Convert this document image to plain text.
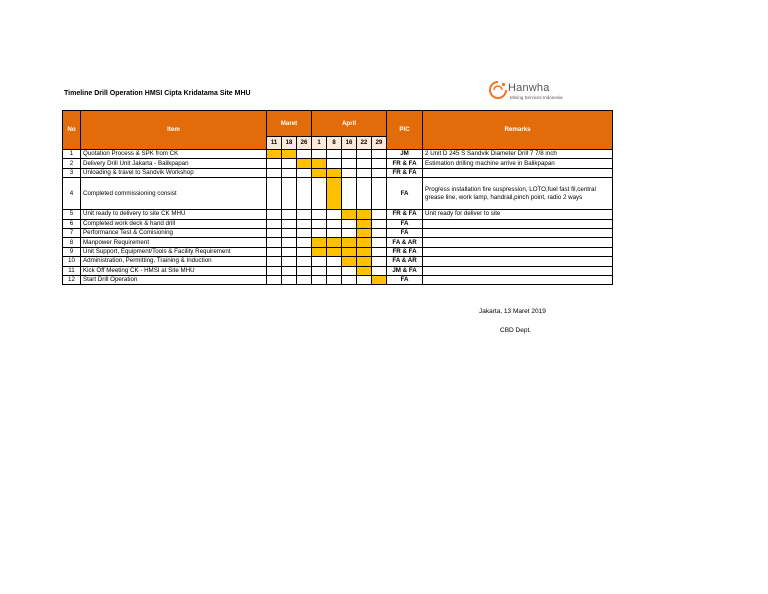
Timeline Drill Operation HMSI Cipta Kridatama Site MHU	Hanwha
Mining Services Indonesia
No	Item	Maret			April					PIC	Remarks
		11	18	26	1	8	16	22	29		
1	Quotation Process & SPK from CK									JM	2 Unit D 245 S Sandvik Diameter Drill 7 7/8 inch
2	Delivery Drill Unit Jakarta - Balikpapan									FR & FA	Estimation drilling machine arrive in Balikpapan
3	Unloading & travel to Sandvik Workshop									FR & FA	
4	Completed commissioning consist									FA	Progress installation fire suspression, LOTO,fuel fast fil,central grease line, work lamp, handrail,pinch point, radio 2 ways
5	Unit ready to delivery to site CK MHU									FR & FA	Unit ready for deliver to site
6	Completed work deck & hand drill									FA	
7	Performance Test & Comisioning									FA	
8	Manpower Requirement									FA & AR	
9	Unit Support, Equipment/Tools & Facility Requirement									FR & FA	
10	Administration, Permitting, Training & Induction									FA & AR	
11	Kick Off Meeting CK - HMSI at Site MHU									JM & FA	
12	Start Drill Operation									FA	
Jakarta, 13 Maret 2019
CBD Dept.
